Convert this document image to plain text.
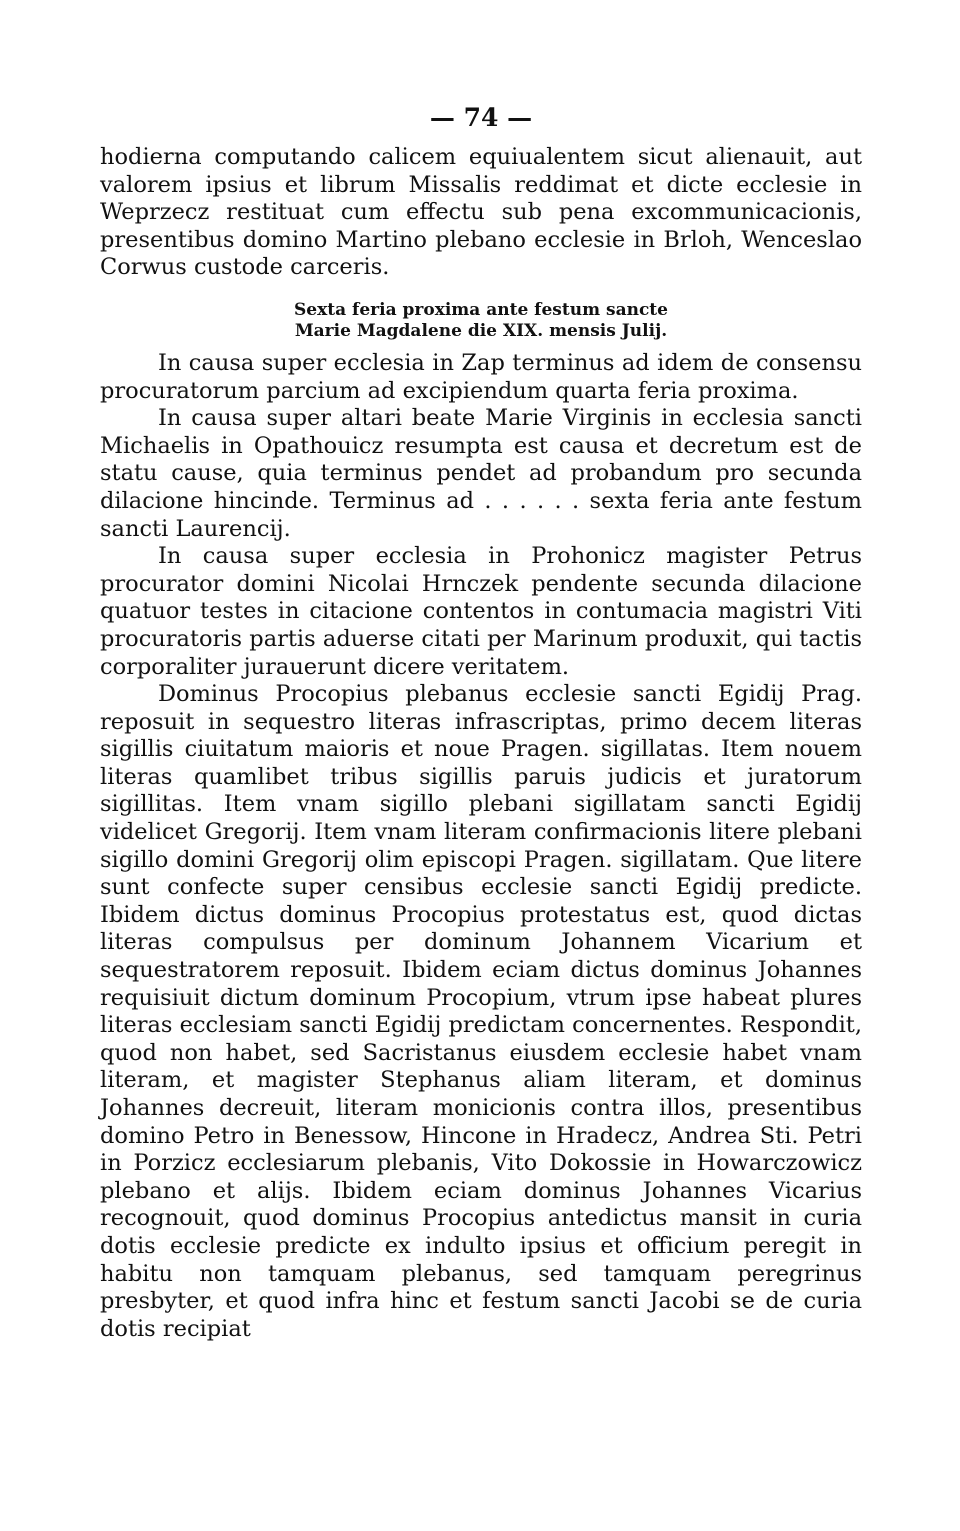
— 74 —

hodierna computando calicem equiualentem sicut alienauit, aut valorem ipsius et librum Missalis reddimat et dicte ecclesie in Weprzecz restituat cum effectu sub pena excommunicacionis, presentibus domino Martino plebano ecclesie in Brloh, Wenceslao Corwus custode carceris.

Sexta feria proxima ante festum sancte
Marie Magdalene die XIX. mensis Julij.

In causa super ecclesia in Zap terminus ad idem de consensu procuratorum parcium ad excipiendum quarta feria proxima.

In causa super altari beate Marie Virginis in ecclesia sancti Michaelis in Opathouicz resumpta est causa et decretum est de statu cause, quia terminus pendet ad probandum pro secunda dilacione hincinde. Terminus ad . . . . . . sexta feria ante festum sancti Laurencij.

In causa super ecclesia in Prohonicz magister Petrus procurator domini Nicolai Hrnczek pendente secunda dilacione quatuor testes in citacione contentos in contumacia magistri Viti procuratoris partis aduerse citati per Marinum produxit, qui tactis corporaliter jurauerunt dicere veritatem.

Dominus Procopius plebanus ecclesie sancti Egidij Prag. reposuit in sequestro literas infrascriptas, primo decem literas sigillis ciuitatum maioris et noue Pragen. sigillatas. Item nouem literas quamlibet tribus sigillis paruis judicis et juratorum sigillitas. Item vnam sigillo plebani sigillatam sancti Egidij videlicet Gregorij. Item vnam literam confirmacionis litere plebani sigillo domini Gregorij olim episcopi Pragen. sigillatam. Que litere sunt confecte super censibus ecclesie sancti Egidij predicte. Ibidem dictus dominus Procopius protestatus est, quod dictas literas compulsus per dominum Johannem Vicarium et sequestratorem reposuit. Ibidem eciam dictus dominus Johannes requisiuit dictum dominum Procopium, vtrum ipse habeat plures literas ecclesiam sancti Egidij predictam concernentes. Respondit, quod non habet, sed Sacristanus eiusdem ecclesie habet vnam literam, et magister Stephanus aliam literam, et dominus Johannes decreuit, literam monicionis contra illos, presentibus domino Petro in Benessow, Hincone in Hradecz, Andrea Sti. Petri in Porzicz ecclesiarum plebanis, Vito Dokossie in Howarczowicz plebano et alijs. Ibidem eciam dominus Johannes Vicarius recognouit, quod dominus Procopius antedictus mansit in curia dotis ecclesie predicte ex indulto ipsius et officium peregit in habitu non tamquam plebanus, sed tamquam peregrinus presbyter, et quod infra hinc et festum sancti Jacobi se de curia dotis recipiat
